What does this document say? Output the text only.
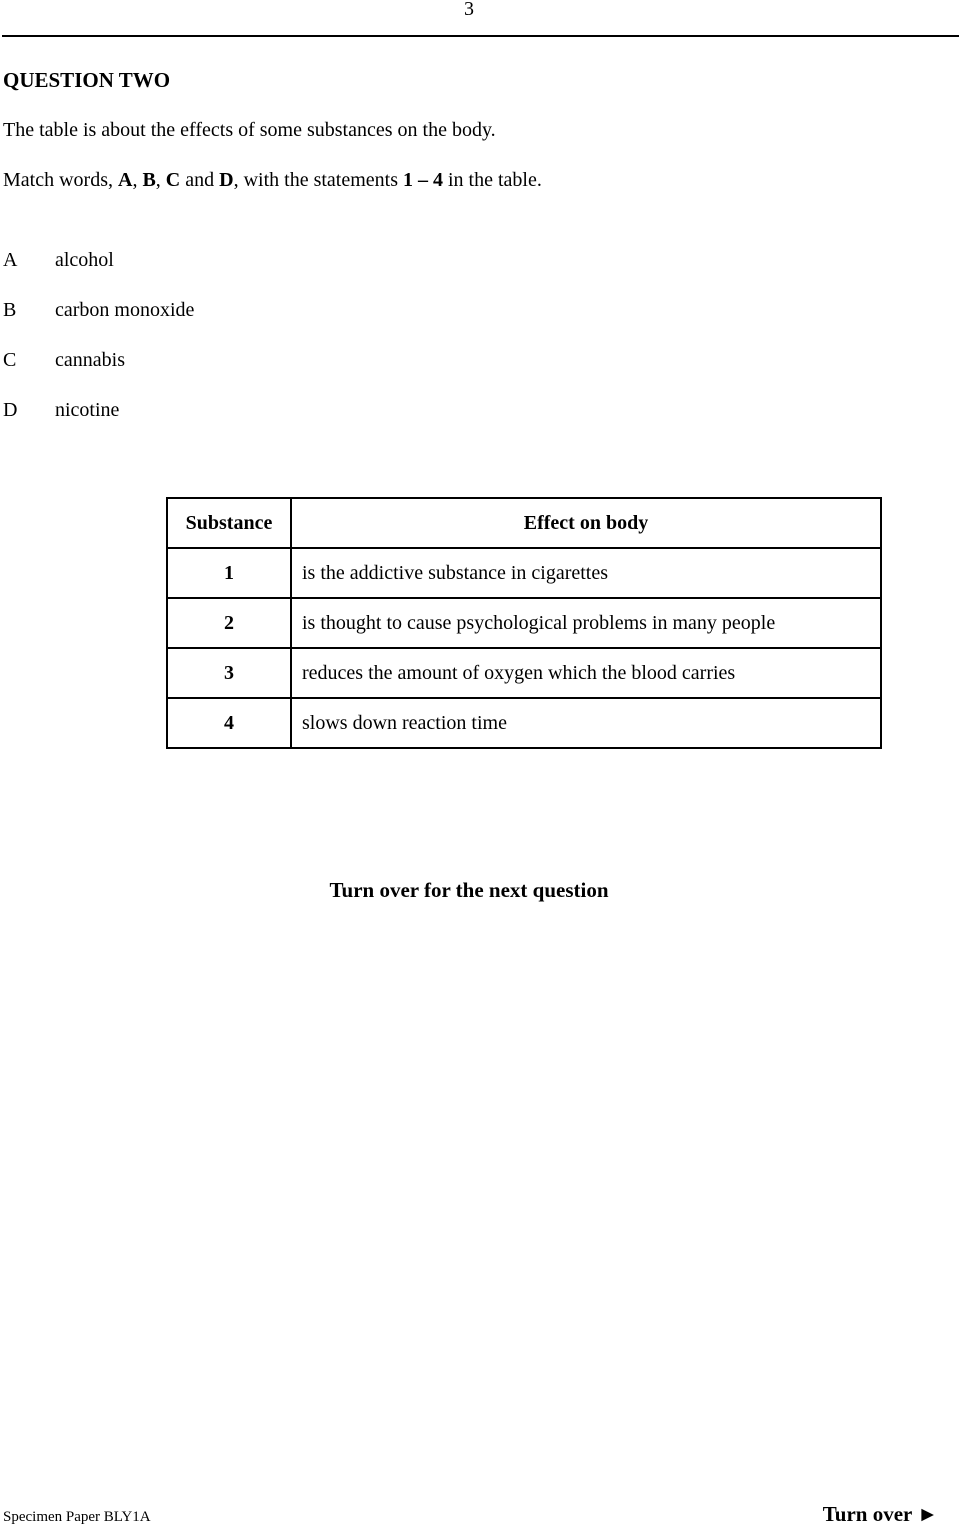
3
QUESTION TWO
The table is about the effects of some substances on the body.
Match words, A, B, C and D, with the statements 1 – 4 in the table.
A alcohol
B carbon monoxide
C cannabis
D nicotine
Substance	Effect on body
1	is the addictive substance in cigarettes
2	is thought to cause psychological problems in many people
3	reduces the amount of oxygen which the blood carries
4	slows down reaction time
Turn over for the next question
Specimen Paper BLY1A	Turn over ►
